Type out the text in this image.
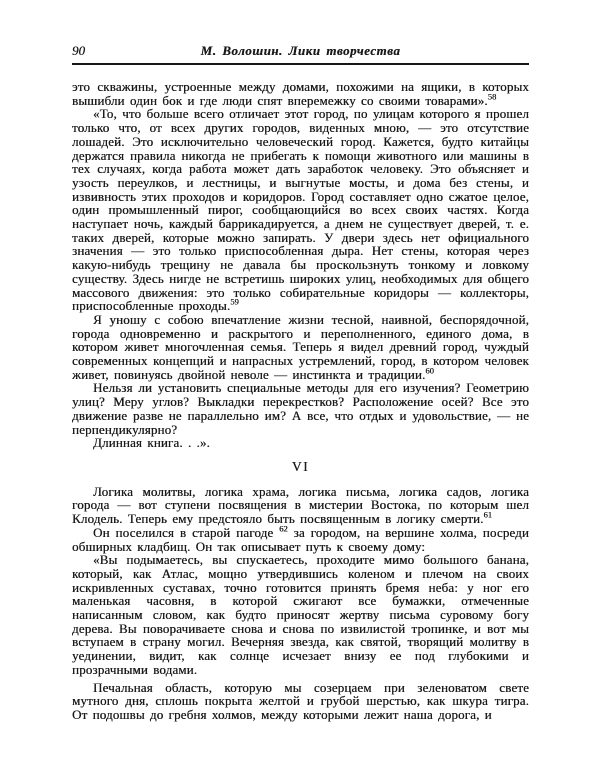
90	М. Волошин. Лики творчества

это скважины, устроенные между домами, похожими на ящики, в которых вышибли один бок и где люди спят вперемежку со своими товарами».$^{58}$

«То, что больше всего отличает этот город, по улицам которого я прошел только что, от всех других городов, виденных мною, — это отсутствие лошадей. Это исключительно человеческий город. Кажется, будто китайцы держатся правила никогда не прибегать к помощи животного или машины в тех случаях, когда работа может дать заработок человеку. Это объясняет и узость переулков, и лестницы, и выгнутые мосты, и дома без стены, и извивность этих проходов и коридоров. Город составляет одно сжатое целое, один промышленный пирог, сообщающийся во всех своих частях. Когда наступает ночь, каждый баррикадируется, а днем не существует дверей, т. е. таких дверей, которые можно запирать. У двери здесь нет официального значения — это только приспособленная дыра. Нет стены, которая через какую-нибудь трещину не давала бы проскользнуть тонкому и ловкому существу. Здесь нигде не встретишь широких улиц, необходимых для общего массового движения: это только собирательные коридоры — коллекторы, приспособленные проходы.$^{59}$

Я уношу с собою впечатление жизни тесной, наивной, беспорядочной, города одновременно и раскрытого и переполненного, единого дома, в котором живет многочленная семья. Теперь я видел древний город, чуждый современных концепций и напрасных устремлений, город, в котором человек живет, повинуясь двойной неволе — инстинкта и традиции.$^{60}$

Нельзя ли установить специальные методы для его изучения? Геометрию улиц? Меру углов? Выкладки перекрестков? Расположение осей? Все это движение разве не параллельно им? А все, что отдых и удовольствие, — не перпендикулярно?

Длинная книга. . .».

VI

Логика молитвы, логика храма, логика письма, логика садов, логика города — вот ступени посвящения в мистерии Востока, по которым шел Клодель. Теперь ему предстояло быть посвященным в логику смерти.$^{61}$

Он поселился в старой пагоде $^{62}$ за городом, на вершине холма, посреди обширных кладбищ. Он так описывает путь к своему дому:

«Вы подымаетесь, вы спускаетесь, проходите мимо большого банана, который, как Атлас, мощно утвердившись коленом и плечом на своих искривленных суставах, точно готовится принять бремя неба: у ног его маленькая часовня, в которой сжигают все бумажки, отмеченные написанным словом, как будто приносят жертву письма суровому богу дерева. Вы поворачиваете снова и снова по извилистой тропинке, и вот мы вступаем в страну могил. Вечерняя звезда, как святой, творящий молитву в уединении, видит, как солнце исчезает внизу ее под глубокими и прозрачными водами.

Печальная область, которую мы созерцаем при зеленоватом свете мутного дня, сплошь покрыта желтой и грубой шерстью, как шкура тигра. От подошвы до гребня холмов, между которыми лежит наша дорога, и
